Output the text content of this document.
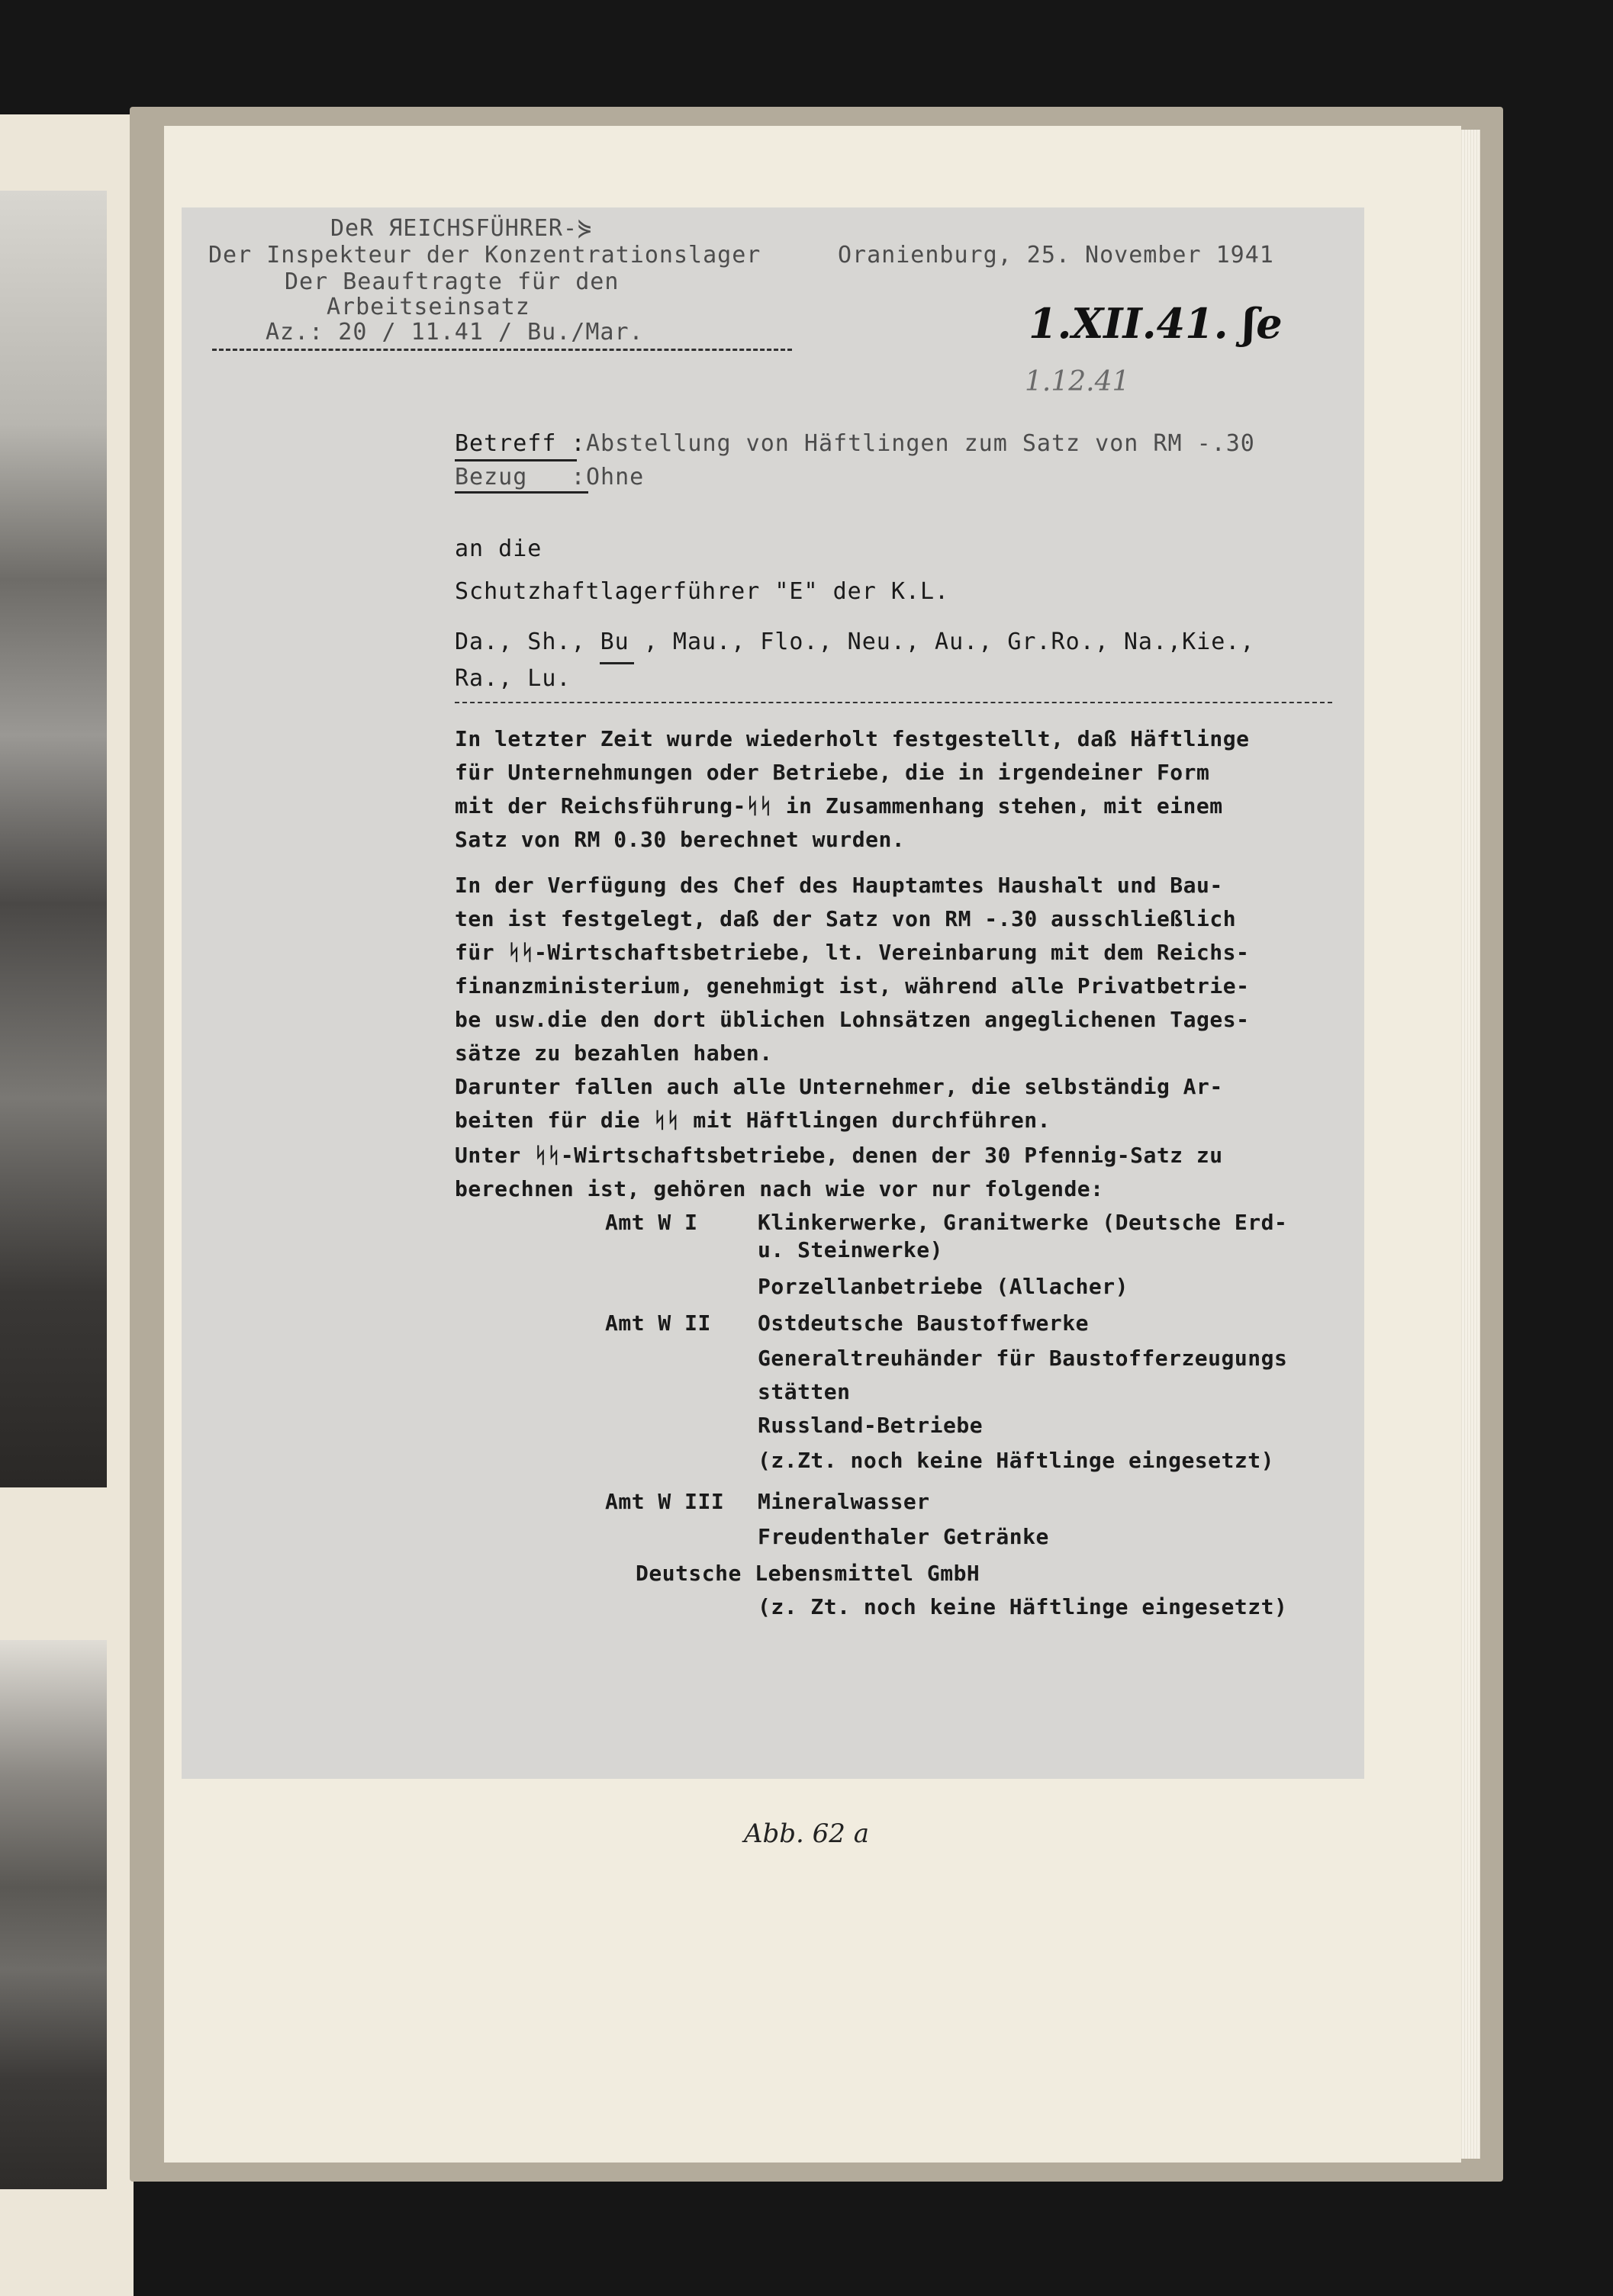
DeR ЯEICHSFÜHRER-⋟
Der Inspekteur der Konzentrationslager
Der Beauftragte für den
Arbeitseinsatz
Az.: 20 / 11.41 / Bu./Mar.
Oranienburg, 25. November 1941
1.XII.41. ʃe
1.12.41
Betreff : Abstellung von Häftlingen zum Satz von RM -.30
Bezug   : Ohne
an die
Schutzhaftlagerführer "E" der K.L.
Da., Sh., Bu , Mau., Flo., Neu., Au., Gr.Ro., Na.,Kie.,
Ra., Lu.
In letzter Zeit wurde wiederholt festgestellt, daß Häftlinge
für Unternehmungen oder Betriebe, die in irgendeiner Form
mit der Reichsführung-ᛋᛋ in Zusammenhang stehen, mit einem
Satz von RM 0.30 berechnet wurden.
In der Verfügung des Chef des Hauptamtes Haushalt und Bau-
ten ist festgelegt, daß der Satz von RM -.30 ausschließlich
für ᛋᛋ-Wirtschaftsbetriebe, lt. Vereinbarung mit dem Reichs-
finanzministerium, genehmigt ist, während alle Privatbetrie-
be usw.die den dort üblichen Lohnsätzen angeglichenen Tages-
sätze zu bezahlen haben.
Darunter fallen auch alle Unternehmer, die selbständig Ar-
beiten für die ᛋᛋ mit Häftlingen durchführen.
Unter ᛋᛋ-Wirtschaftsbetriebe, denen der 30 Pfennig-Satz zu
berechnen ist, gehören nach wie vor nur folgende:
Amt W I	Klinkerwerke, Granitwerke (Deutsche Erd-
u. Steinwerke)
Porzellanbetriebe (Allacher)
Amt W II Ostdeutsche Baustoffwerke
Generaltreuhänder für Baustofferzeugungs
stätten
Russland-Betriebe
(z.Zt. noch keine Häftlinge eingesetzt)
Amt W III Mineralwasser
Freudenthaler Getränke
Deutsche Lebensmittel GmbH
(z. Zt. noch keine Häftlinge eingesetzt)
Abb. 62 a
